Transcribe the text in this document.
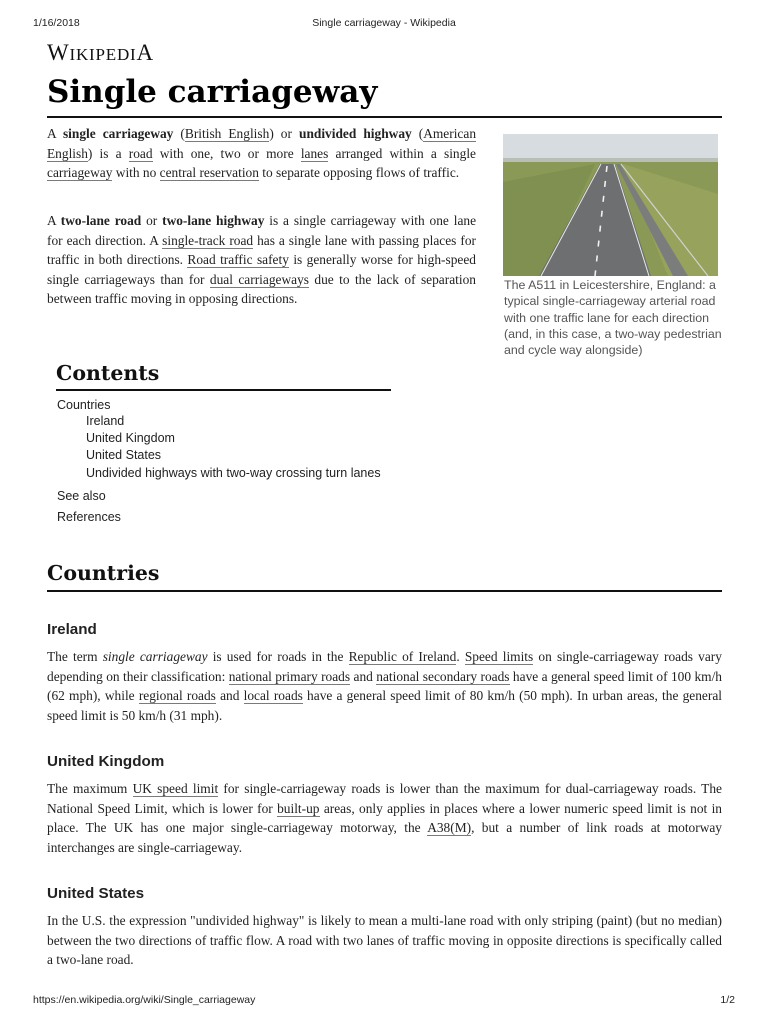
1/16/2018	Single carriageway - Wikipedia
https://en.wikipedia.org/wiki/Single_carriageway	1/2
WIKIPEDIA
Single carriageway

A single carriageway (British English) or undivided highway (American English) is a road with one, two or more lanes arranged within a single carriageway with no central reservation to separate opposing flows of traffic.

A two-lane road or two-lane highway is a single carriageway with one lane for each direction. A single-track road has a single lane with passing places for traffic in both directions. Road traffic safety is generally worse for high-speed single carriageways than for dual carriageways due to the lack of separation between traffic moving in opposing directions.

The A511 in Leicestershire, England: a typical single-carriageway arterial road with one traffic lane for each direction (and, in this case, a two-way pedestrian and cycle way alongside)
Contents
Countries
Ireland
United Kingdom
United States
Undivided highways with two-way crossing turn lanes
See also
References
Countries
Ireland

The term single carriageway is used for roads in the Republic of Ireland. Speed limits on single-carriageway roads vary depending on their classification: national primary roads and national secondary roads have a general speed limit of 100 km/h (62 mph), while regional roads and local roads have a general speed limit of 80 km/h (50 mph). In urban areas, the general speed limit is 50 km/h (31 mph).

United Kingdom

The maximum UK speed limit for single-carriageway roads is lower than the maximum for dual-carriageway roads. The National Speed Limit, which is lower for built-up areas, only applies in places where a lower numeric speed limit is not in place. The UK has one major single-carriageway motorway, the A38(M), but a number of link roads at motorway interchanges are single-carriageway.

United States

In the U.S. the expression "undivided highway" is likely to mean a multi-lane road with only striping (paint) (but no median) between the two directions of traffic flow. A road with two lanes of traffic moving in opposite directions is specifically called a two-lane road.
